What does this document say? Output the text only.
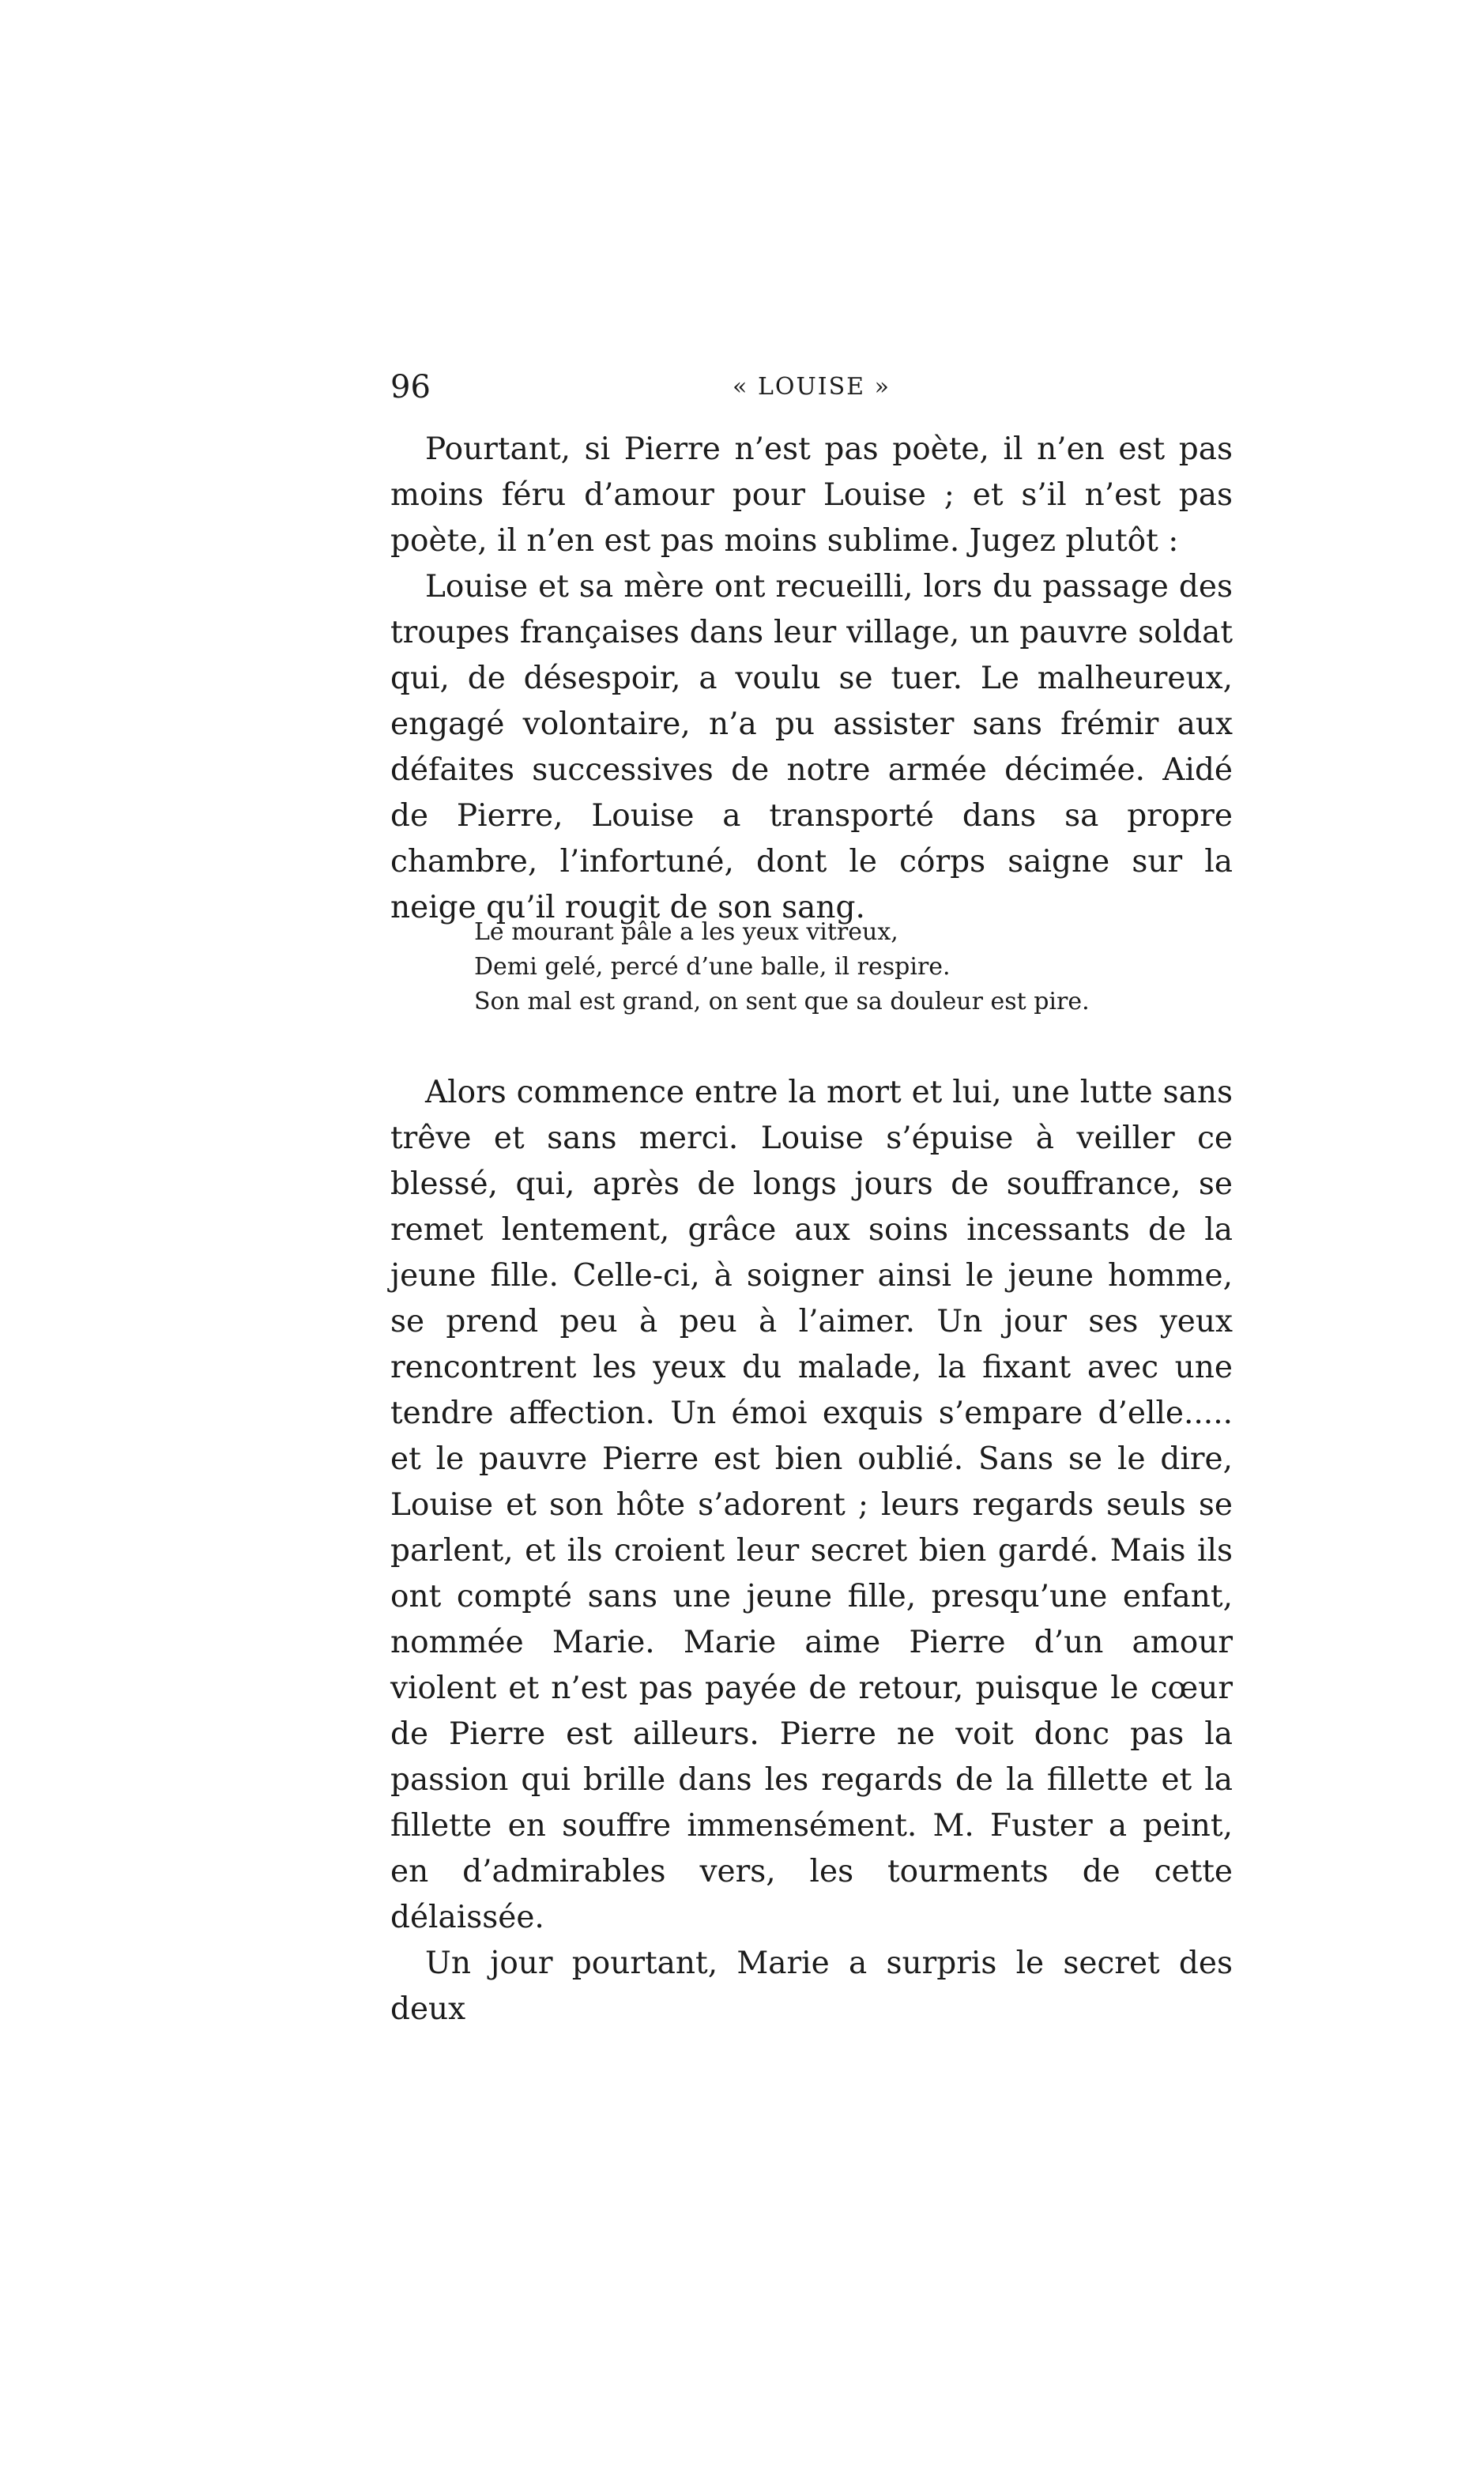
96	« LOUISE »

Pourtant, si Pierre n’est pas poète, il n’en est pas moins féru d’amour pour Louise ; et s’il n’est pas poète, il n’en est pas moins sublime. Jugez plutôt :

Louise et sa mère ont recueilli, lors du passage des troupes françaises dans leur village, un pauvre soldat qui, de désespoir, a voulu se tuer. Le malheureux, engagé volontaire, n’a pu assister sans frémir aux défaites successives de notre armée décimée. Aidé de Pierre, Louise a transporté dans sa propre chambre, l’infortuné, dont le córps saigne sur la neige qu’il rougit de son sang.

Le mourant pâle a les yeux vitreux,
Demi gelé, percé d’une balle, il respire.
Son mal est grand, on sent que sa douleur est pire.

Alors commence entre la mort et lui, une lutte sans trêve et sans merci. Louise s’épuise à veiller ce blessé, qui, après de longs jours de souffrance, se remet lentement, grâce aux soins incessants de la jeune fille. Celle-ci, à soigner ainsi le jeune homme, se prend peu à peu à l’aimer. Un jour ses yeux rencontrent les yeux du malade, la fixant avec une tendre affection. Un émoi exquis s’empare d’elle..... et le pauvre Pierre est bien oublié. Sans se le dire, Louise et son hôte s’adorent ; leurs regards seuls se parlent, et ils croient leur secret bien gardé. Mais ils ont compté sans une jeune fille, presqu’une enfant, nommée Marie. Marie aime Pierre d’un amour violent et n’est pas payée de retour, puisque le cœur de Pierre est ailleurs. Pierre ne voit donc pas la passion qui brille dans les regards de la fillette et la fillette en souffre immensément. M. Fuster a peint, en d’admirables vers, les tourments de cette délaissée.

Un jour pourtant, Marie a surpris le secret des deux
